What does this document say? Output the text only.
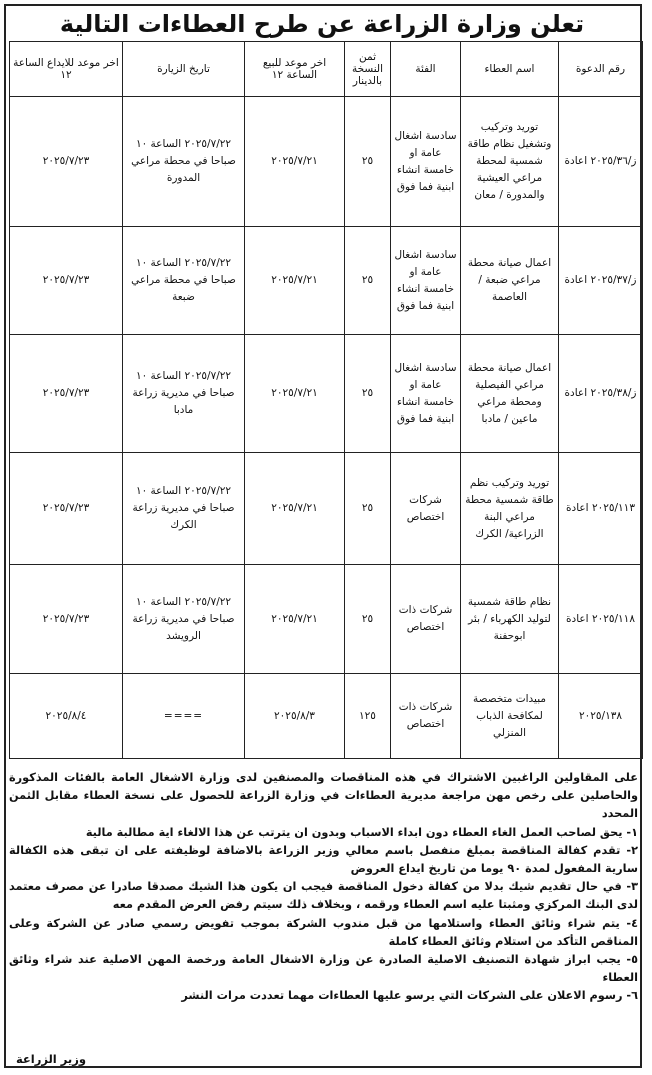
تعلن وزارة الزراعة عن طرح العطاءات التالية
رقم الدعوة	اسم العطاء	الفئة	ثمن النسخة بالدينار	اخر موعد للبيع الساعة ١٢	تاريخ الزيارة	اخر موعد للايداع الساعة ١٢
ز/٢٠٢٥/٣٦ اعادة	توريد وتركيب وتشغيل نظام طاقة شمسية لمحطة مراعي العيشية والمدورة / معان	سادسة اشغال عامة او خامسة انشاء ابنية فما فوق	٢٥	٢٠٢٥/٧/٢١	٢٠٢٥/٧/٢٢ الساعة ١٠ صباحا في محطة مراعي المدورة	٢٠٢٥/٧/٢٣
ز/٢٠٢٥/٣٧ اعادة	اعمال صيانة محطة مراعي ضبعة / العاصمة	سادسة اشغال عامة او خامسة انشاء ابنية فما فوق	٢٥	٢٠٢٥/٧/٢١	٢٠٢٥/٧/٢٢ الساعة ١٠ صباحا في محطة مراعي ضبعة	٢٠٢٥/٧/٢٣
ز/٢٠٢٥/٣٨ اعادة	اعمال صيانة محطة مراعي الفيصلية ومحطة مراعي ماعين / مادبا	سادسة اشغال عامة او خامسة انشاء ابنية فما فوق	٢٥	٢٠٢٥/٧/٢١	٢٠٢٥/٧/٢٢ الساعة ١٠ صباحا في مديرية زراعة مادبا	٢٠٢٥/٧/٢٣
٢٠٢٥/١١٣ اعادة	توريد وتركيب نظم طاقة شمسية محطة مراعي البنة الزراعية/ الكرك	شركات اختصاص	٢٥	٢٠٢٥/٧/٢١	٢٠٢٥/٧/٢٢ الساعة ١٠ صباحا في مديرية زراعة الكرك	٢٠٢٥/٧/٢٣
٢٠٢٥/١١٨ اعادة	نظام طاقة شمسية لتوليد الكهرباء / بئر ابوحفنة	شركات ذات اختصاص	٢٥	٢٠٢٥/٧/٢١	٢٠٢٥/٧/٢٢ الساعة ١٠ صباحا في مديرية زراعة الرويشد	٢٠٢٥/٧/٢٣
٢٠٢٥/١٣٨	مبيدات متخصصة لمكافحة الذباب المنزلي	شركات ذات اختصاص	١٢٥	٢٠٢٥/٨/٣	====	٢٠٢٥/٨/٤

على المقاولين الراغبين الاشتراك في هذه المناقصات والمصنفين لدى وزارة الاشغال العامة بالفئات المذكورة والحاصلين على رخص مهن مراجعة مديرية العطاءات في وزارة الزراعة للحصول على نسخة العطاء مقابل الثمن المحدد

١- يحق لصاحب العمل الغاء العطاء دون ابداء الاسباب وبدون ان يترتب عن هذا الالغاء اية مطالبة مالية

٢- تقدم كفالة المناقصة بمبلغ منفصل باسم معالي وزير الزراعة بالاضافة لوظيفته على ان تبقى هذه الكفالة سارية المفعول لمدة ٩٠ يوما من تاريخ ايداع العروض

٣- في حال تقديم شيك بدلا من كفالة دخول المناقصة فيجب ان يكون هذا الشيك مصدقا صادرا عن مصرف معتمد لدى البنك المركزي ومثبتا عليه اسم العطاء ورقمه ، وبخلاف ذلك سيتم رفض العرض المقدم معه

٤- يتم شراء وثائق العطاء واستلامها من قبل مندوب الشركة بموجب تفويض رسمي صادر عن الشركة وعلى المناقص التأكد من استلام وثائق العطاء كاملة

٥- يجب ابراز شهادة التصنيف الاصلية الصادرة عن وزارة الاشغال العامة ورخصة المهن الاصلية عند شراء وثائق العطاء

٦- رسوم الاعلان على الشركات التي يرسو عليها العطاءات مهما تعددت مرات النشر

وزير الزراعة
